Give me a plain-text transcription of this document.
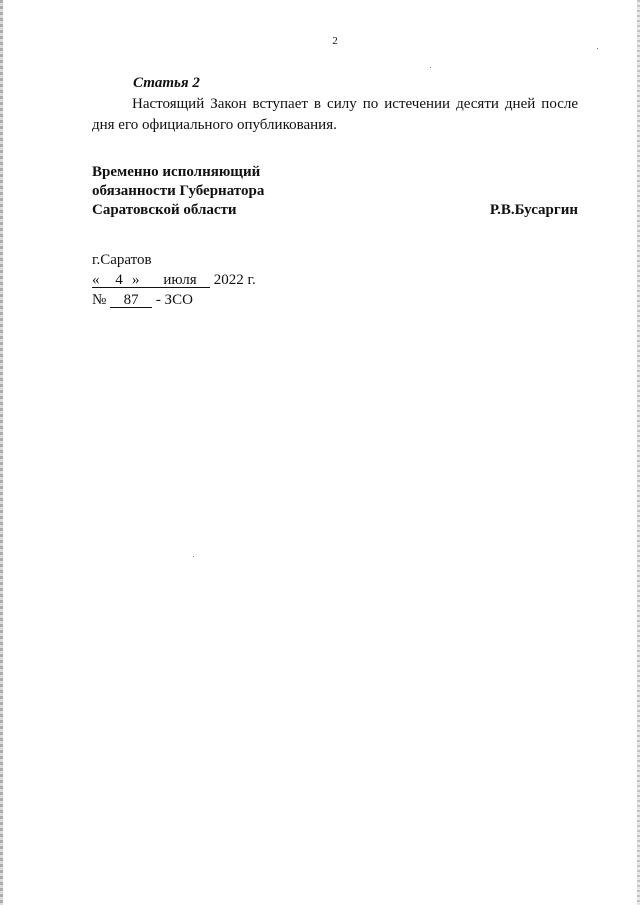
2
Статья 2

Настоящий Закон вступает в силу по истечении десяти дней после дня его официального опубликования.

Временно исполняющий
обязанности Губернатора
Саратовской области	Р.В.Бусаргин
г.Саратов
« 4 » июля 2022 г.
№ 87 - ЗСО
